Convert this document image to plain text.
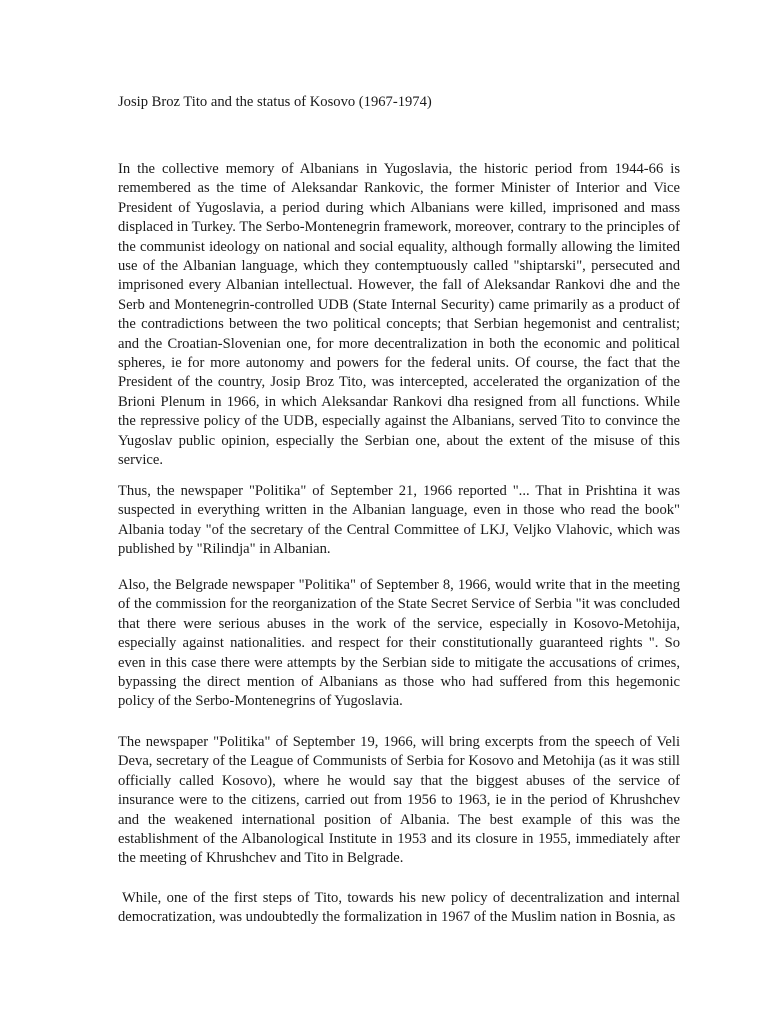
Josip Broz Tito and the status of Kosovo (1967-1974)

In the collective memory of Albanians in Yugoslavia, the historic period from 1944-66 is remembered as the time of Aleksandar Rankovic, the former Minister of Interior and Vice President of Yugoslavia, a period during which Albanians were killed, imprisoned and mass displaced in Turkey. The Serbo-Montenegrin framework, moreover, contrary to the principles of the communist ideology on national and social equality, although formally allowing the limited use of the Albanian language, which they contemptuously called "shiptarski", persecuted and imprisoned every Albanian intellectual. However, the fall of Aleksandar Rankovi dhe and the Serb and Montenegrin-controlled UDB (State Internal Security) came primarily as a product of the contradictions between the two political concepts; that Serbian hegemonist and centralist; and the Croatian-Slovenian one, for more decentralization in both the economic and political spheres, ie for more autonomy and powers for the federal units. Of course, the fact that the President of the country, Josip Broz Tito, was intercepted, accelerated the organization of the Brioni Plenum in 1966, in which Aleksandar Rankovi dha resigned from all functions. While the repressive policy of the UDB, especially against the Albanians, served Tito to convince the Yugoslav public opinion, especially the Serbian one, about the extent of the misuse of this service.

Thus, the newspaper "Politika" of September 21, 1966 reported "... That in Prishtina it was suspected in everything written in the Albanian language, even in those who read the book" Albania today "of the secretary of the Central Committee of LKJ, Veljko Vlahovic, which was published by "Rilindja" in Albanian.

Also, the Belgrade newspaper "Politika" of September 8, 1966, would write that in the meeting of the commission for the reorganization of the State Secret Service of Serbia "it was concluded that there were serious abuses in the work of the service, especially in Kosovo-Metohija, especially against nationalities. and respect for their constitutionally guaranteed rights ". So even in this case there were attempts by the Serbian side to mitigate the accusations of crimes, bypassing the direct mention of Albanians as those who had suffered from this hegemonic policy of the Serbo-Montenegrins of Yugoslavia.

The newspaper "Politika" of September 19, 1966, will bring excerpts from the speech of Veli Deva, secretary of the League of Communists of Serbia for Kosovo and Metohija (as it was still officially called Kosovo), where he would say that the biggest abuses of the service of insurance were to the citizens, carried out from 1956 to 1963, ie in the period of Khrushchev and the weakened international position of Albania. The best example of this was the establishment of the Albanological Institute in 1953 and its closure in 1955, immediately after the meeting of Khrushchev and Tito in Belgrade.

While, one of the first steps of Tito, towards his new policy of decentralization and internal democratization, was undoubtedly the formalization in 1967 of the Muslim nation in Bosnia, as
